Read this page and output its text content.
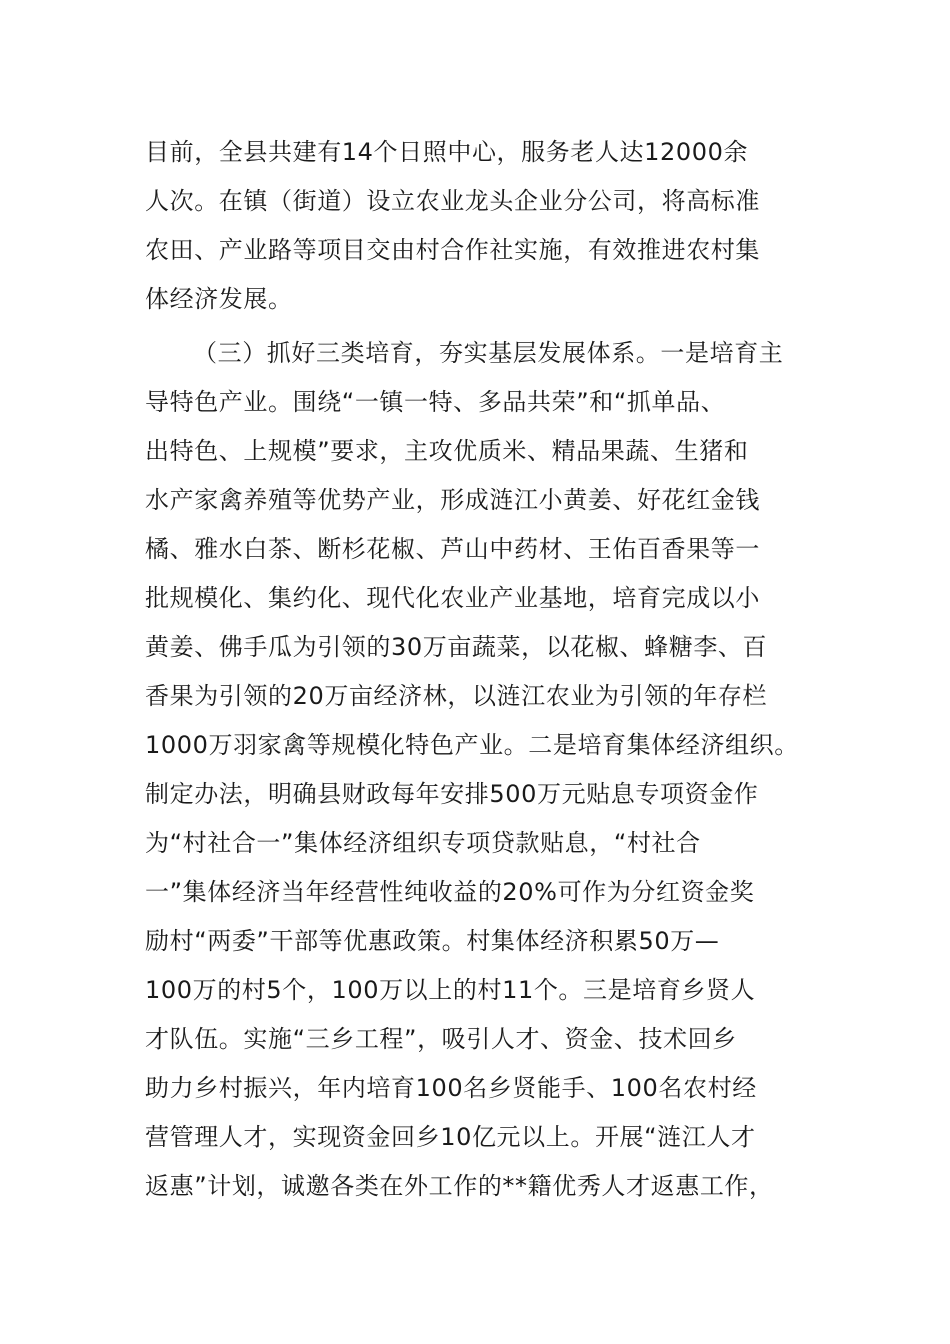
目前，全县共建有14个日照中心，服务老人达12000余

人次。在镇（街道）设立农业龙头企业分公司，将高标准

农田、产业路等项目交由村合作社实施，有效推进农村集

体经济发展。

（三）抓好三类培育，夯实基层发展体系。一是培育主

导特色产业。围绕“一镇一特、多品共荣”和“抓单品、

出特色、上规模”要求，主攻优质米、精品果蔬、生猪和

水产家禽养殖等优势产业，形成涟江小黄姜、好花红金钱

橘、雅水白茶、断杉花椒、芦山中药材、王佑百香果等一

批规模化、集约化、现代化农业产业基地，培育完成以小

黄姜、佛手瓜为引领的30万亩蔬菜，以花椒、蜂糖李、百

香果为引领的20万亩经济林，以涟江农业为引领的年存栏

1000万羽家禽等规模化特色产业。二是培育集体经济组织。

制定办法，明确县财政每年安排500万元贴息专项资金作

为“村社合一”集体经济组织专项贷款贴息，“村社合

一”集体经济当年经营性纯收益的20%可作为分红资金奖

励村“两委”干部等优惠政策。村集体经济积累50万—

100万的村5个，100万以上的村11个。三是培育乡贤人

才队伍。实施“三乡工程”，吸引人才、资金、技术回乡

助力乡村振兴，年内培育100名乡贤能手、100名农村经

营管理人才，实现资金回乡10亿元以上。开展“涟江人才

返惠”计划，诚邀各类在外工作的**籍优秀人才返惠工作，
